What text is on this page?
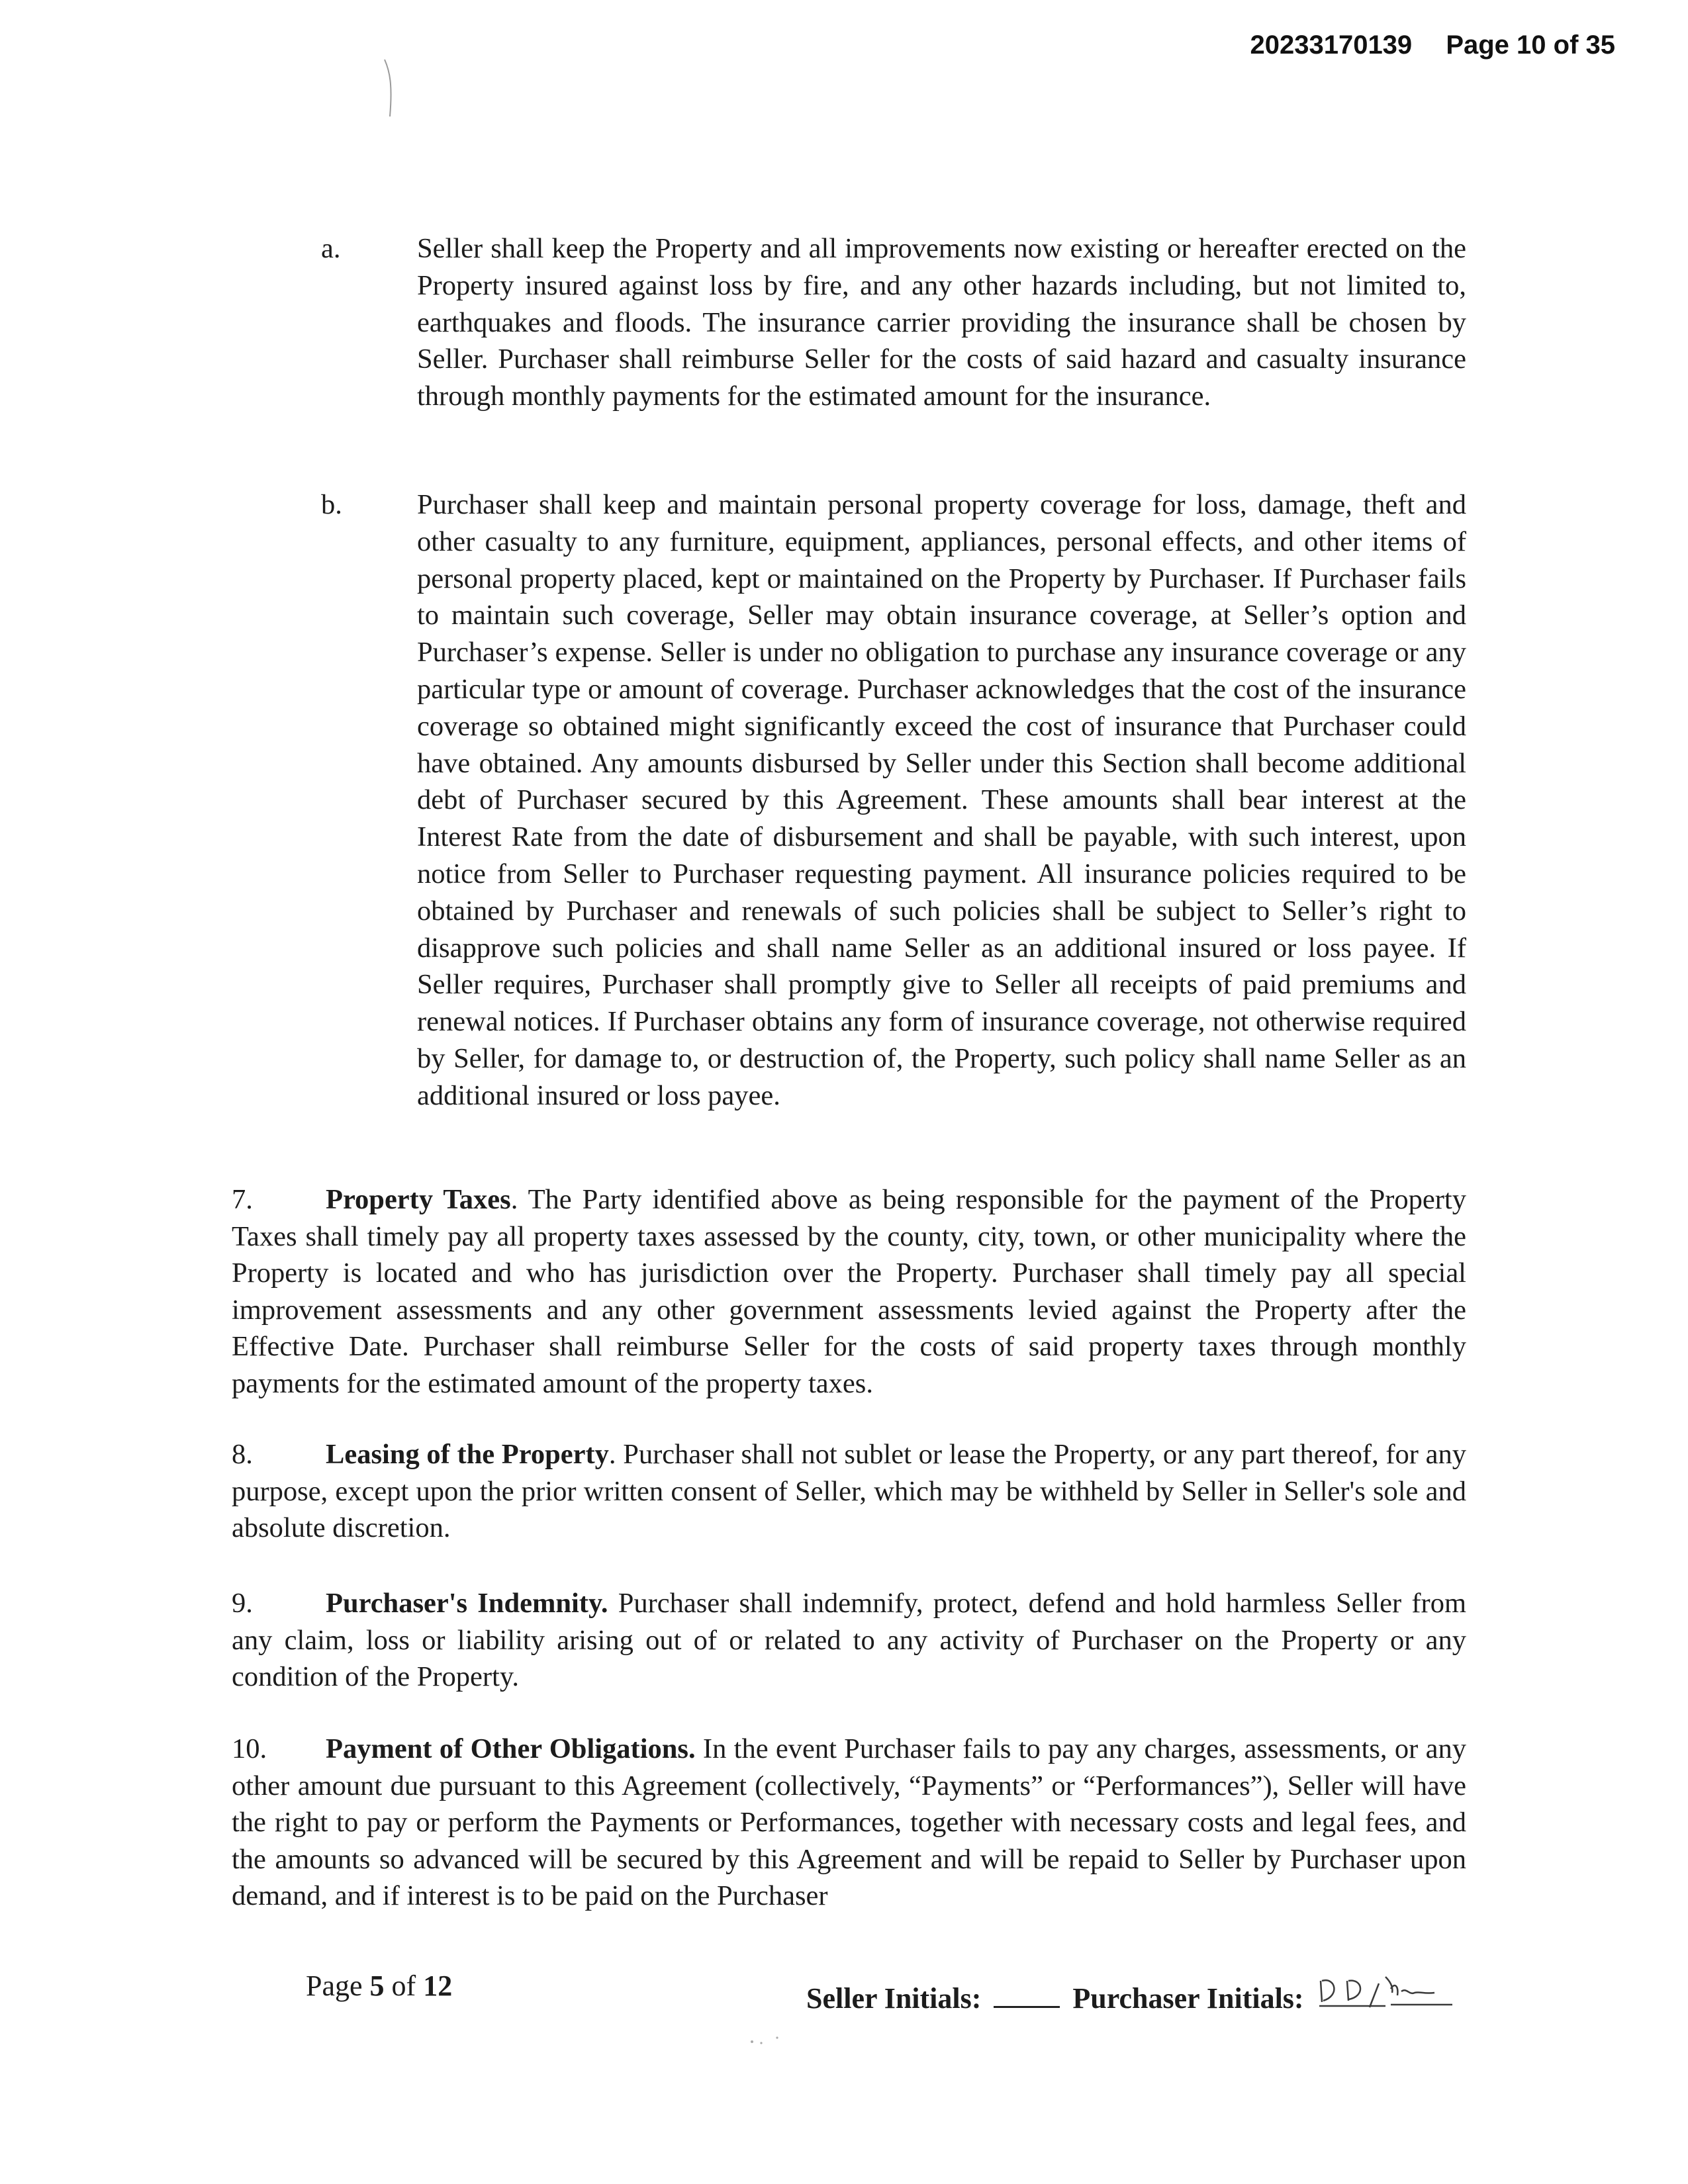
20233170139 Page 10 of 35
a.	Seller shall keep the Property and all improvements now existing or hereafter erected on the Property insured against loss by fire, and any other hazards including, but not limited to, earthquakes and floods. The insurance carrier providing the insurance shall be chosen by Seller. Purchaser shall reimburse Seller for the costs of said hazard and casualty insurance through monthly payments for the estimated amount for the insurance.
b.	Purchaser shall keep and maintain personal property coverage for loss, damage, theft and other casualty to any furniture, equipment, appliances, personal effects, and other items of personal property placed, kept or maintained on the Property by Purchaser. If Purchaser fails to maintain such coverage, Seller may obtain insurance coverage, at Seller’s option and Purchaser’s expense. Seller is under no obligation to purchase any insurance coverage or any particular type or amount of coverage. Purchaser acknowledges that the cost of the insurance coverage so obtained might significantly exceed the cost of insurance that Purchaser could have obtained. Any amounts disbursed by Seller under this Section shall become additional debt of Purchaser secured by this Agreement. These amounts shall bear interest at the Interest Rate from the date of disbursement and shall be payable, with such interest, upon notice from Seller to Purchaser requesting payment. All insurance policies required to be obtained by Purchaser and renewals of such policies shall be subject to Seller’s right to disapprove such policies and shall name Seller as an additional insured or loss payee. If Seller requires, Purchaser shall promptly give to Seller all receipts of paid premiums and renewal notices. If Purchaser obtains any form of insurance coverage, not otherwise required by Seller, for damage to, or destruction of, the Property, such policy shall name Seller as an additional insured or loss payee.
7.	Property Taxes. The Party identified above as being responsible for the payment of the Property Taxes shall timely pay all property taxes assessed by the county, city, town, or other municipality where the Property is located and who has jurisdiction over the Property. Purchaser shall timely pay all special improvement assessments and any other government assessments levied against the Property after the Effective Date. Purchaser shall reimburse Seller for the costs of said property taxes through monthly payments for the estimated amount of the property taxes.
8.	Leasing of the Property. Purchaser shall not sublet or lease the Property, or any part thereof, for any purpose, except upon the prior written consent of Seller, which may be withheld by Seller in Seller's sole and absolute discretion.
9.	Purchaser's Indemnity. Purchaser shall indemnify, protect, defend and hold harmless Seller from any claim, loss or liability arising out of or related to any activity of Purchaser on the Property or any condition of the Property.
10. Payment of Other Obligations. In the event Purchaser fails to pay any charges, assessments, or any other amount due pursuant to this Agreement (collectively, “Payments” or “Performances”), Seller will have the right to pay or perform the Payments or Performances, together with necessary costs and legal fees, and the amounts so advanced will be secured by this Agreement and will be repaid to Seller by Purchaser upon demand, and if interest is to be paid on the Purchaser
Page 5 of 12	Seller Initials:	Purchaser Initials:
